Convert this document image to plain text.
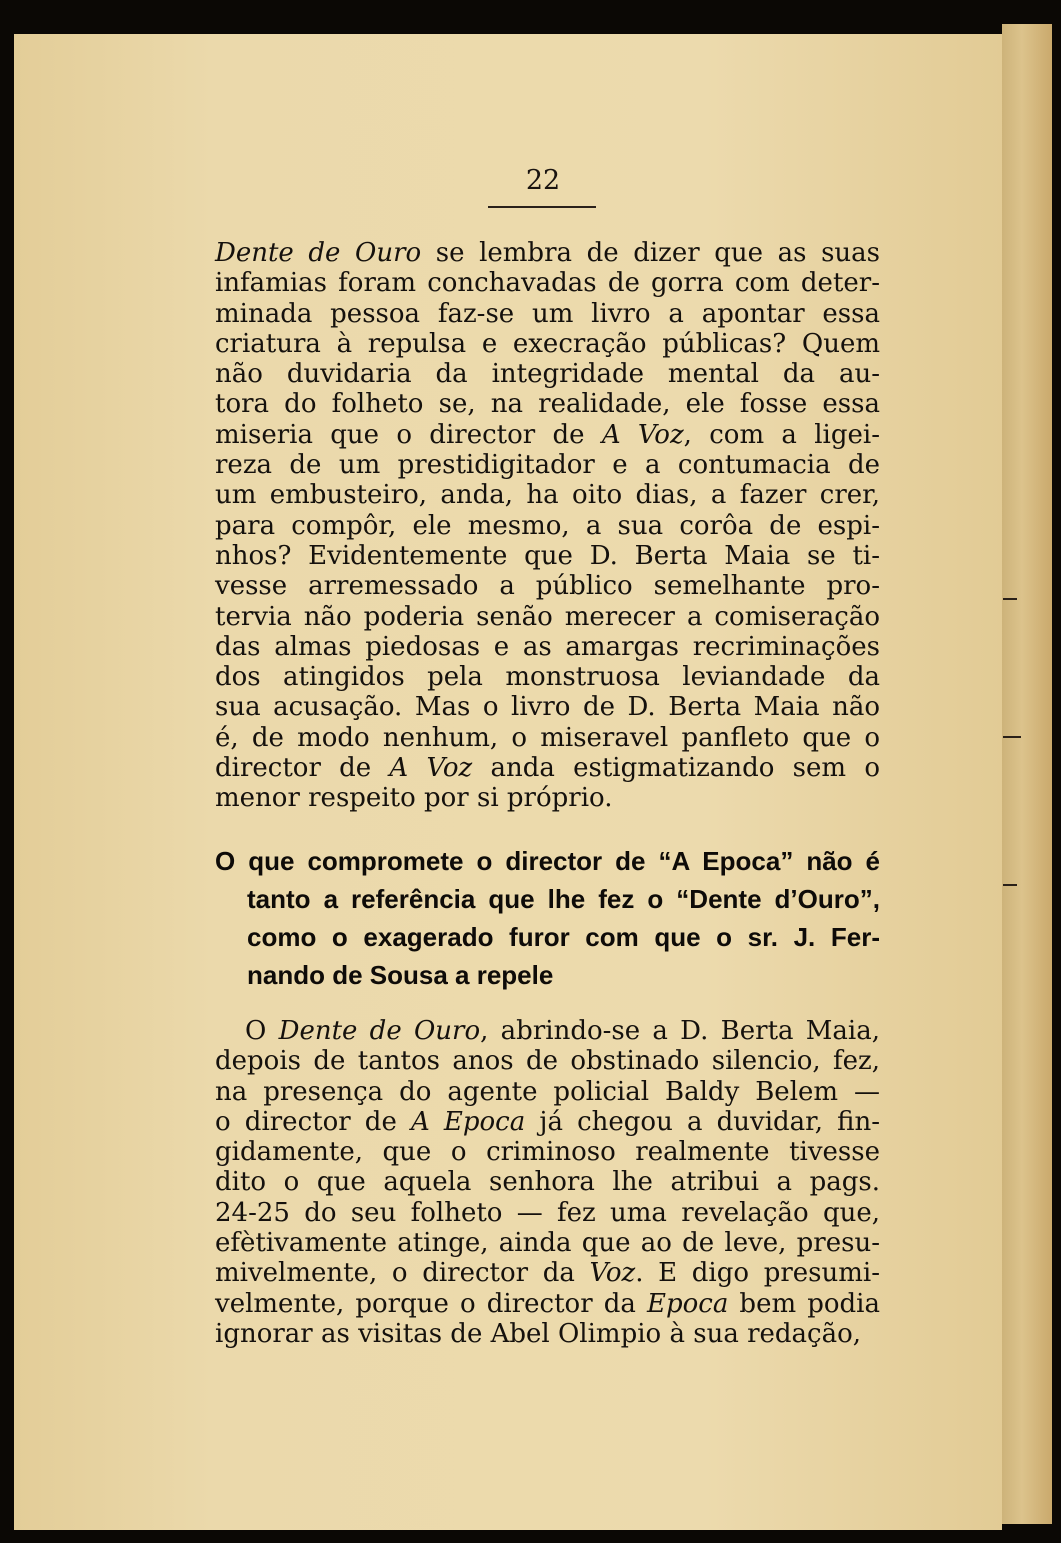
22
Dente de Ouro se lembra de dizer que as suas
infamias foram conchavadas de gorra com deter-
minada pessoa faz-se um livro a apontar essa
criatura à repulsa e execração públicas? Quem
não duvidaria da integridade mental da au-
tora do folheto se, na realidade, ele fosse essa
miseria que o director de A Voz, com a ligei-
reza de um prestidigitador e a contumacia de
um embusteiro, anda, ha oito dias, a fazer crer,
para compôr, ele mesmo, a sua corôa de espi-
nhos? Evidentemente que D. Berta Maia se ti-
vesse arremessado a público semelhante pro-
tervia não poderia senão merecer a comiseração
das almas piedosas e as amargas recriminações
dos atingidos pela monstruosa leviandade da
sua acusação. Mas o livro de D. Berta Maia não
é, de modo nenhum, o miseravel panfleto que o
director de A Voz anda estigmatizando sem o
menor respeito por si próprio.
O que compromete o director de “A Epoca” não é
tanto a referência que lhe fez o “Dente d’Ouro”,
como o exagerado furor com que o sr. J. Fer-
nando de Sousa a repele
O Dente de Ouro, abrindo-se a D. Berta Maia,
depois de tantos anos de obstinado silencio, fez,
na presença do agente policial Baldy Belem —
o director de A Epoca já chegou a duvidar, fin-
gidamente, que o criminoso realmente tivesse
dito o que aquela senhora lhe atribui a pags.
24-25 do seu folheto — fez uma revelação que,
efètivamente atinge, ainda que ao de leve, presu-
mivelmente, o director da Voz. E digo presumi-
velmente, porque o director da Epoca bem podia
ignorar as visitas de Abel Olimpio à sua redação,
